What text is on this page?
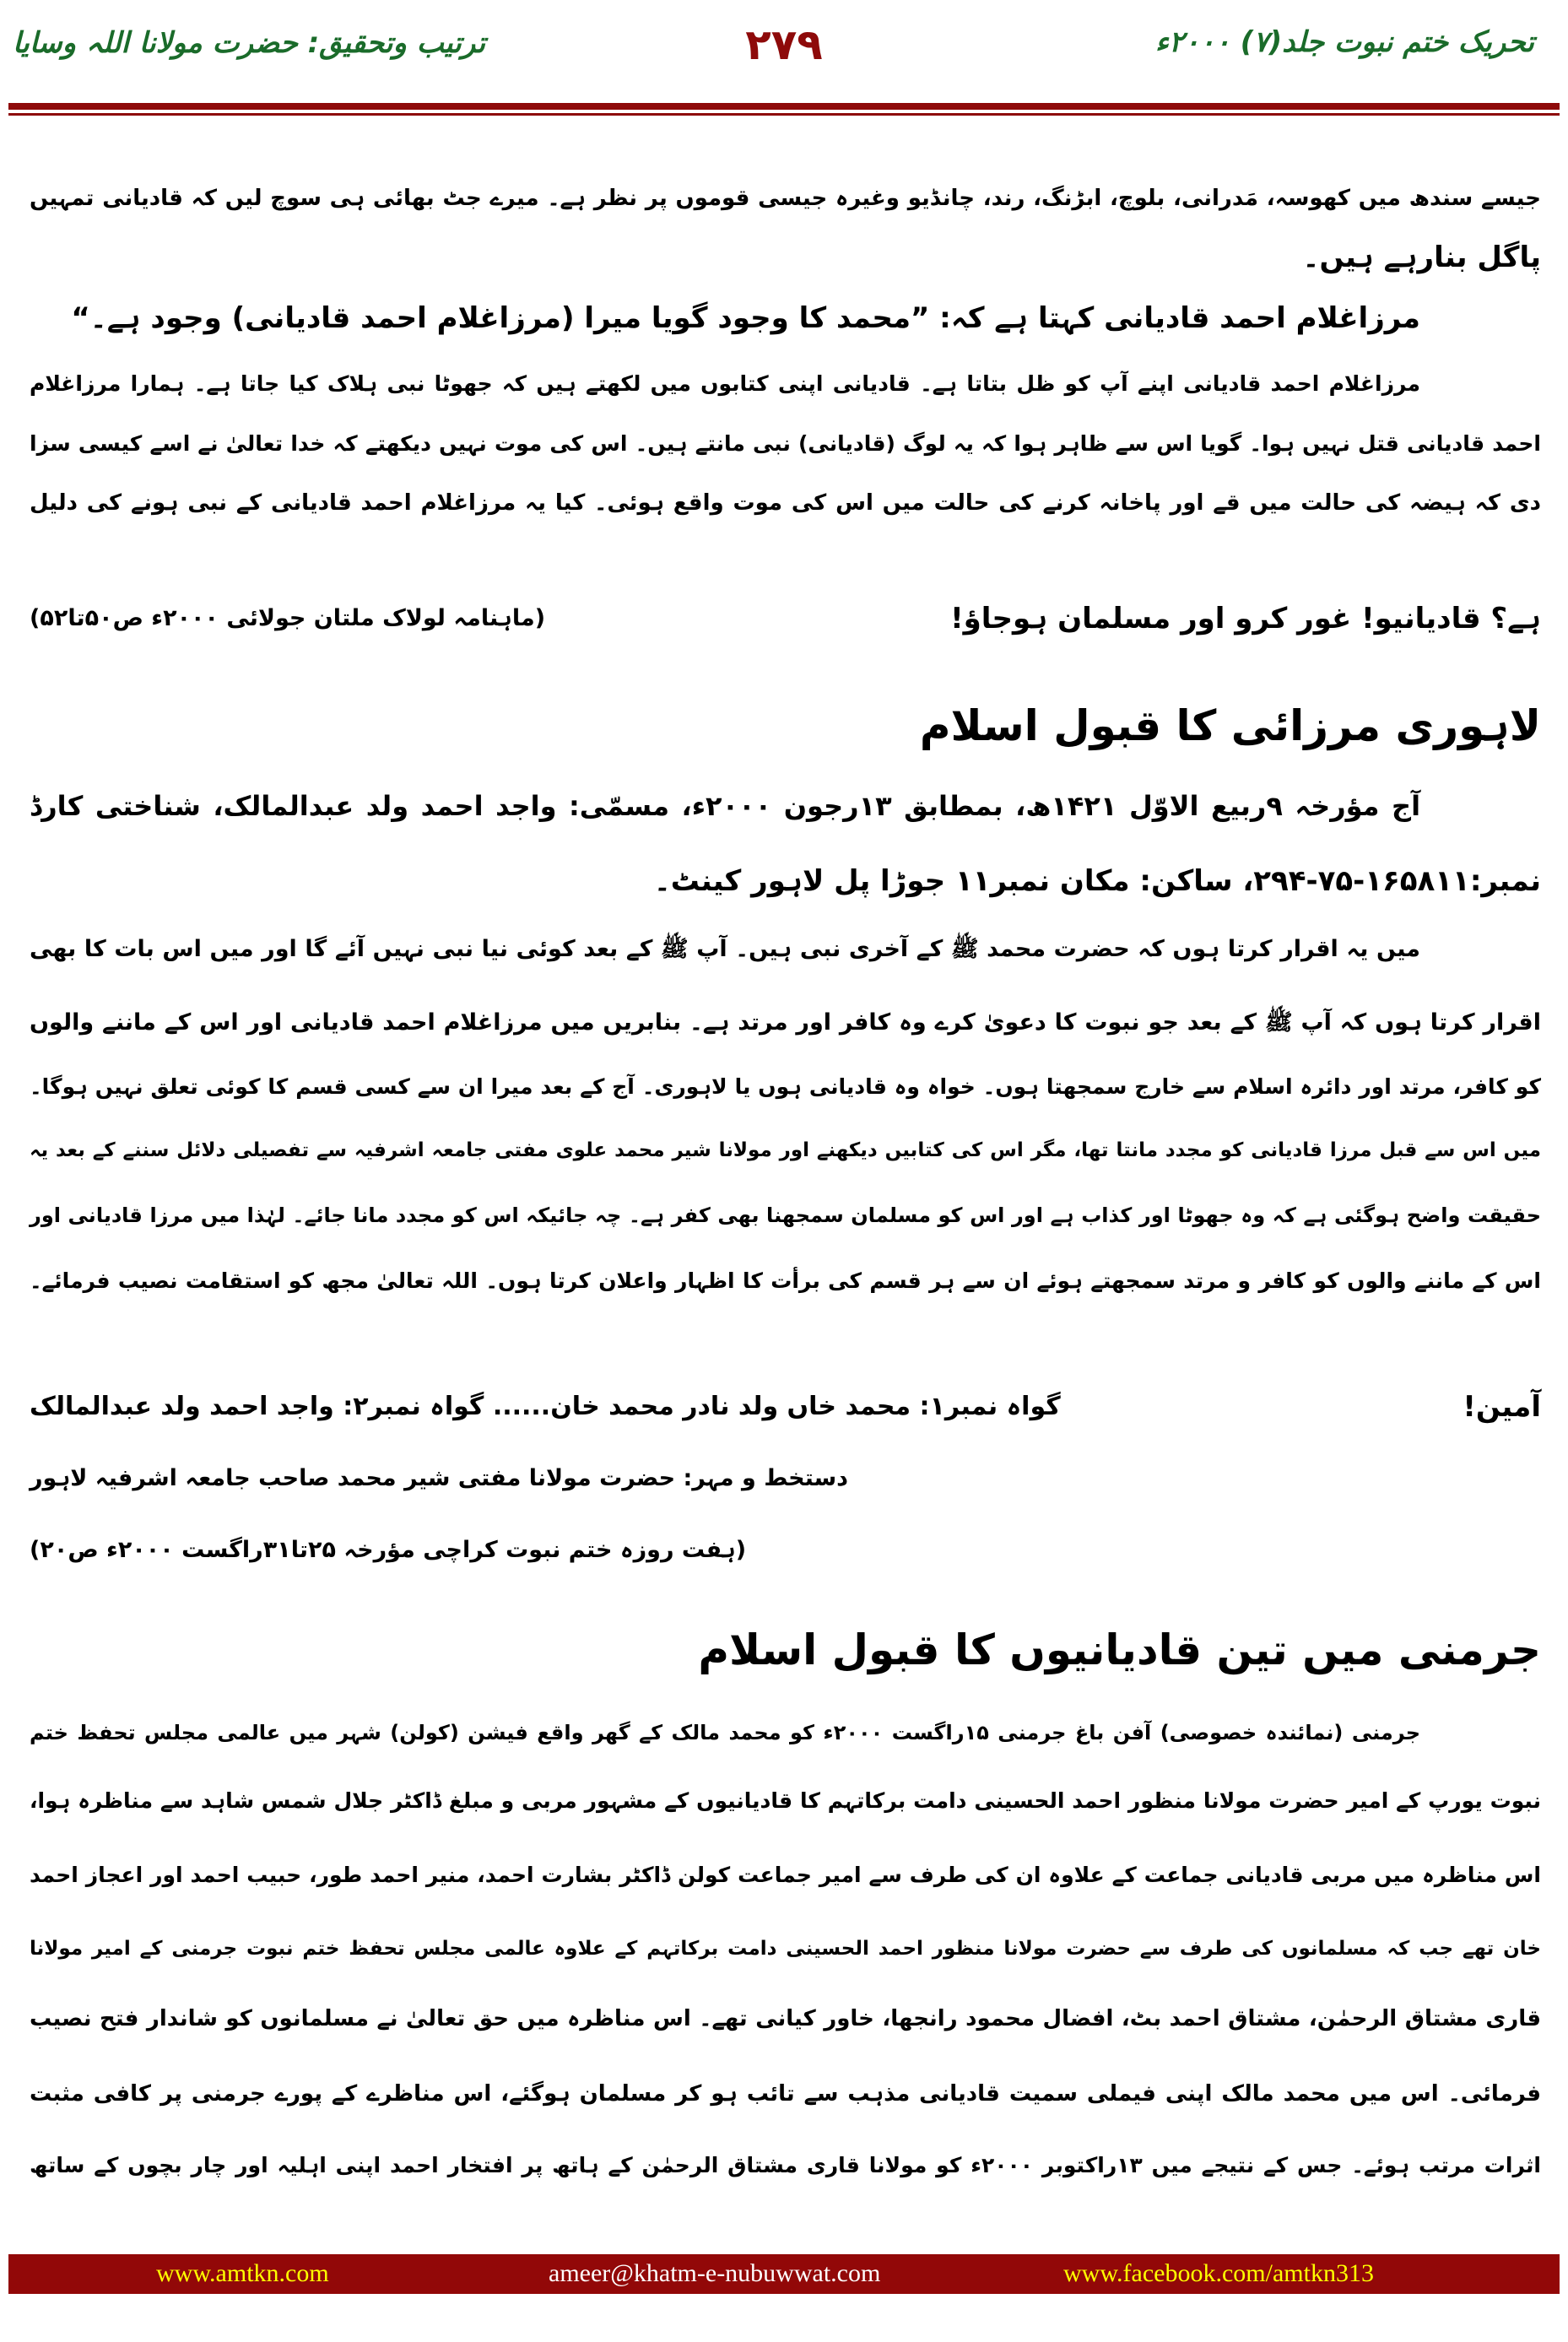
تحریک ختم نبوت جلد(۷) ۲۰۰۰ء
۲۷۹
ترتیب وتحقیق: حضرت مولانا اللہ وسایا
جیسے سندھ میں کھوسہ، مَدرانی، بلوچ، ابڑنگ، رند، چانڈیو وغیرہ جیسی قوموں پر نظر ہے۔ میرے جٹ بھائی ہی سوچ لیں کہ قادیانی تمہیں
پاگل بنارہے ہیں۔
مرزاغلام احمد قادیانی کہتا ہے کہ: ”محمد کا وجود گویا میرا (مرزاغلام احمد قادیانی) وجود ہے۔“
مرزاغلام احمد قادیانی اپنے آپ کو ظل بتاتا ہے۔ قادیانی اپنی کتابوں میں لکھتے ہیں کہ جھوٹا نبی ہلاک کیا جاتا ہے۔ ہمارا مرزاغلام
احمد قادیانی قتل نہیں ہوا۔ گویا اس سے ظاہر ہوا کہ یہ لوگ (قادیانی) نبی مانتے ہیں۔ اس کی موت نہیں دیکھتے کہ خدا تعالیٰ نے اسے کیسی سزا
دی کہ ہیضہ کی حالت میں قے اور پاخانہ کرنے کی حالت میں اس کی موت واقع ہوئی۔ کیا یہ مرزاغلام احمد قادیانی کے نبی ہونے کی دلیل
ہے؟ قادیانیو! غور کرو اور مسلمان ہوجاؤ!
(ماہنامہ لولاک ملتان جولائی ۲۰۰۰ء ص۵۰تا۵۲)
لاہوری مرزائی کا قبول اسلام
آج مؤرخہ ۹ربیع الاوّل ۱۴۲۱ھ، بمطابق ۱۳رجون ۲۰۰۰ء، مسمّی: واجد احمد ولد عبدالمالک، شناختی کارڈ
نمبر:۱۶۵۸۱۱-۷۵-۲۹۴، ساکن: مکان نمبر۱۱ جوڑا پل لاہور کینٹ۔
میں یہ اقرار کرتا ہوں کہ حضرت محمد ﷺ کے آخری نبی ہیں۔ آپ ﷺ کے بعد کوئی نیا نبی نہیں آئے گا اور میں اس بات کا بھی
اقرار کرتا ہوں کہ آپ ﷺ کے بعد جو نبوت کا دعویٰ کرے وہ کافر اور مرتد ہے۔ بنابریں میں مرزاغلام احمد قادیانی اور اس کے ماننے والوں
کو کافر، مرتد اور دائرہ اسلام سے خارج سمجھتا ہوں۔ خواہ وہ قادیانی ہوں یا لاہوری۔ آج کے بعد میرا ان سے کسی قسم کا کوئی تعلق نہیں ہوگا۔
میں اس سے قبل مرزا قادیانی کو مجدد مانتا تھا، مگر اس کی کتابیں دیکھنے اور مولانا شیر محمد علوی مفتی جامعہ اشرفیہ سے تفصیلی دلائل سننے کے بعد یہ
حقیقت واضح ہوگئی ہے کہ وہ جھوٹا اور کذاب ہے اور اس کو مسلمان سمجھنا بھی کفر ہے۔ چہ جائیکہ اس کو مجدد مانا جائے۔ لہٰذا میں مرزا قادیانی اور
اس کے ماننے والوں کو کافر و مرتد سمجھتے ہوئے ان سے ہر قسم کی برأت کا اظہار واعلان کرتا ہوں۔ اللہ تعالیٰ مجھ کو استقامت نصیب فرمائے۔
آمین!
گواہ نمبر۱: محمد خاں ولد نادر محمد خان...... گواہ نمبر۲: واجد احمد ولد عبدالمالک
دستخط و مہر: حضرت مولانا مفتی شیر محمد صاحب جامعہ اشرفیہ لاہور
(ہفت روزہ ختم نبوت کراچی مؤرخہ ۲۵تا۳۱راگست ۲۰۰۰ء ص۲۰)
جرمنی میں تین قادیانیوں کا قبول اسلام
جرمنی (نمائندہ خصوصی) آفن باغ جرمنی ۱۵راگست ۲۰۰۰ء کو محمد مالک کے گھر واقع فیشن (کولن) شہر میں عالمی مجلس تحفظ ختم
نبوت یورپ کے امیر حضرت مولانا منظور احمد الحسینی دامت برکاتہم کا قادیانیوں کے مشہور مربی و مبلغ ڈاکٹر جلال شمس شاہد سے مناظرہ ہوا،
اس مناظرہ میں مربی قادیانی جماعت کے علاوہ ان کی طرف سے امیر جماعت کولن ڈاکٹر بشارت احمد، منیر احمد طور، حبیب احمد اور اعجاز احمد
خان تھے جب کہ مسلمانوں کی طرف سے حضرت مولانا منظور احمد الحسینی دامت برکاتہم کے علاوہ عالمی مجلس تحفظ ختم نبوت جرمنی کے امیر مولانا
قاری مشتاق الرحمٰن، مشتاق احمد بٹ، افضال محمود رانجھا، خاور کیانی تھے۔ اس مناظرہ میں حق تعالیٰ نے مسلمانوں کو شاندار فتح نصیب
فرمائی۔ اس میں محمد مالک اپنی فیملی سمیت قادیانی مذہب سے تائب ہو کر مسلمان ہوگئے، اس مناظرے کے پورے جرمنی پر کافی مثبت
اثرات مرتب ہوئے۔ جس کے نتیجے میں ۱۳راکتوبر ۲۰۰۰ء کو مولانا قاری مشتاق الرحمٰن کے ہاتھ پر افتخار احمد اپنی اہلیہ اور چار بچوں کے ساتھ
www.amtkn.com	ameer@khatm-e-nubuwwat.com	www.facebook.com/amtkn313
